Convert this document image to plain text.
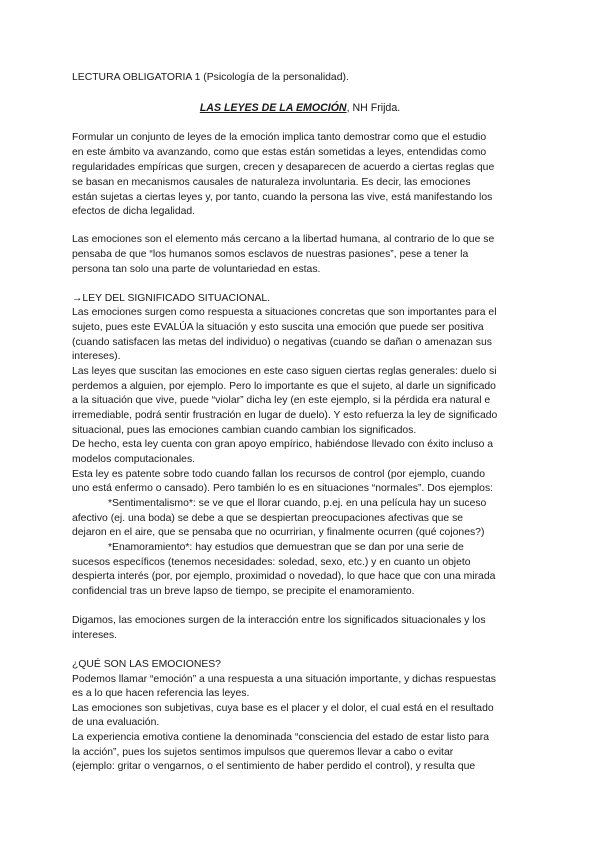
LECTURA OBLIGATORIA 1 (Psicología de la personalidad).
LAS LEYES DE LA EMOCIÓN, NH Frijda.
Formular un conjunto de leyes de la emoción implica tanto demostrar como que el estudio
en este ámbito va avanzando, como que estas están sometidas a leyes, entendidas como
regularidades empíricas que surgen, crecen y desaparecen de acuerdo a ciertas reglas que
se basan en mecanismos causales de naturaleza involuntaria. Es decir, las emociones
están sujetas a ciertas leyes y, por tanto, cuando la persona las vive, está manifestando los
efectos de dicha legalidad.
Las emociones son el elemento más cercano a la libertad humana, al contrario de lo que se
pensaba de que “los humanos somos esclavos de nuestras pasiones”, pese a tener la
persona tan solo una parte de voluntariedad en estas.
→LEY DEL SIGNIFICADO SITUACIONAL.
Las emociones surgen como respuesta a situaciones concretas que son importantes para el
sujeto, pues este EVALÚA la situación y esto suscita una emoción que puede ser positiva
(cuando satisfacen las metas del individuo) o negativas (cuando se dañan o amenazan sus
intereses).
Las leyes que suscitan las emociones en este caso siguen ciertas reglas generales: duelo si
perdemos a alguien, por ejemplo. Pero lo importante es que el sujeto, al darle un significado
a la situación que vive, puede “violar” dicha ley (en este ejemplo, si la pérdida era natural e
irremediable, podrá sentir frustración en lugar de duelo). Y esto refuerza la ley de significado
situacional, pues las emociones cambian cuando cambian los significados.
De hecho, esta ley cuenta con gran apoyo empírico, habiéndose llevado con éxito incluso a
modelos computacionales.
Esta ley es patente sobre todo cuando fallan los recursos de control (por ejemplo, cuando
uno está enfermo o cansado). Pero también lo es en situaciones “normales”. Dos ejemplos:
*Sentimentalismo*: se ve que el llorar cuando, p.ej. en una película hay un suceso
afectivo (ej. una boda) se debe a que se despiertan preocupaciones afectivas que se
dejaron en el aire, que se pensaba que no ocurririan, y finalmente ocurren (qué cojones?)
*Enamoramiento*: hay estudios que demuestran que se dan por una serie de
sucesos específicos (tenemos necesidades: soledad, sexo, etc.) y en cuanto un objeto
despierta interés (por, por ejemplo, proximidad o novedad), lo que hace que con una mirada
confidencial tras un breve lapso de tiempo, se precipite el enamoramiento.
Digamos, las emociones surgen de la interacción entre los significados situacionales y los
intereses.
¿QUÉ SON LAS EMOCIONES?
Podemos llamar “emoción” a una respuesta a una situación importante, y dichas respuestas
es a lo que hacen referencia las leyes.
Las emociones son subjetivas, cuya base es el placer y el dolor, el cual está en el resultado
de una evaluación.
La experiencia emotiva contiene la denominada “consciencia del estado de estar listo para
la acción”, pues los sujetos sentimos impulsos que queremos llevar a cabo o evitar
(ejemplo: gritar o vengarnos, o el sentimiento de haber perdido el control), y resulta que
